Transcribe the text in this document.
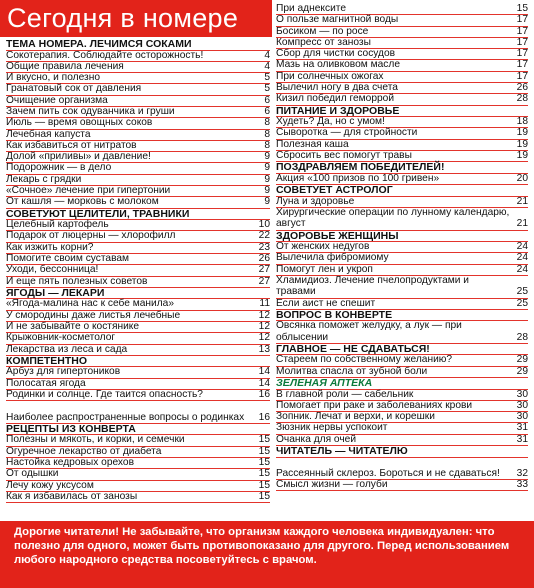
Сегодня в номере
ТЕМА НОМЕРА. ЛЕЧИМСЯ СОКАМИ
Сокотерапия. Соблюдайте осторожность!	4
Общие правила лечения	4
И вкусно, и полезно	5
Гранатовый сок от давления	5
Очищение организма	6
Зачем пить сок одуванчика и груши	6
Июль — время овощных соков	8
Лечебная капуста	8
Как избавиться от нитратов	8
Долой «приливы» и давление!	9
Подорожник — в дело	9
Лекарь с грядки	9
«Сочное» лечение при гипертонии	9
От кашля — морковь с молоком	9
СОВЕТУЮТ ЦЕЛИТЕЛИ, ТРАВНИКИ
Целебный картофель	10
Подарок от люцерны — хлорофилл	22
Как изжить корни?	23
Помогите своим суставам	26
Уходи, бессонница!	27
И еще пять полезных советов	27
ЯГОДЫ — ЛЕКАРИ
«Ягода-малина нас к себе манила»	11
У смородины даже листья лечебные	12
И не забывайте о костянике	12
Крыжовник-косметолог	12
Лекарства из леса и сада	13
КОМПЕТЕНТНО
Арбуз для гипертоников	14
Полосатая ягода	14
Родинки и солнце. Где таится опасность?	16
Наиболее распространенные вопросы о родинках	16
РЕЦЕПТЫ ИЗ КОНВЕРТА
Полезны и мякоть, и корки, и семечки	15
Огуречное лекарство от диабета	15
Настойка кедровых орехов	15
От одышки	15
Лечу кожу уксусом	15
Как я избавилась от занозы	15
При аднексите	15
О пользе магнитной воды	17
Босиком — по росе	17
Компресс от занозы	17
Сбор для чистки сосудов	17
Мазь на оливковом масле	17
При солнечных ожогах	17
Вылечил ногу в два счета	26
Кизил победил геморрой	28
ПИТАНИЕ И ЗДОРОВЬЕ
Худеть? Да, но с умом!	18
Сыворотка — для стройности	19
Полезная каша	19
Сбросить вес помогут травы	19
ПОЗДРАВЛЯЕМ ПОБЕДИТЕЛЕЙ!
Акция «100 призов по 100 гривен»	20
СОВЕТУЕТ АСТРОЛОГ
Луна и здоровье	21
Хирургические операции по лунному календарю, август	21
ЗДОРОВЬЕ ЖЕНЩИНЫ
От женских недугов	24
Вылечила фибромиому	24
Помогут лен и укроп	24
Хламидиоз. Лечение пчелопродуктами и травами	25
Если аист не спешит	25
ВОПРОС В КОНВЕРТЕ
Овсянка поможет желудку, а лук — при облысении	28
ГЛАВНОЕ — НЕ СДАВАТЬСЯ!
Стареем по собственному желанию?	29
Молитва спасла от зубной боли	29
ЗЕЛЕНАЯ АПТЕКА
В главной роли — сабельник	30
Помогает при раке и заболеваниях крови	30
Зопник. Лечат и верхи, и корешки	30
Зюзник нервы успокоит	31
Очанка для очей	31
ЧИТАТЕЛЬ — ЧИТАТЕЛЮ
Рассеянный склероз. Бороться и не сдаваться!	32
Смысл жизни — голуби	33

Дорогие читатели! Не забывайте, что организм каждого человека индивидуален: что полезно для одного, может быть противопоказано для другого. Перед использованием любого народного средства посоветуйтесь с врачом.
